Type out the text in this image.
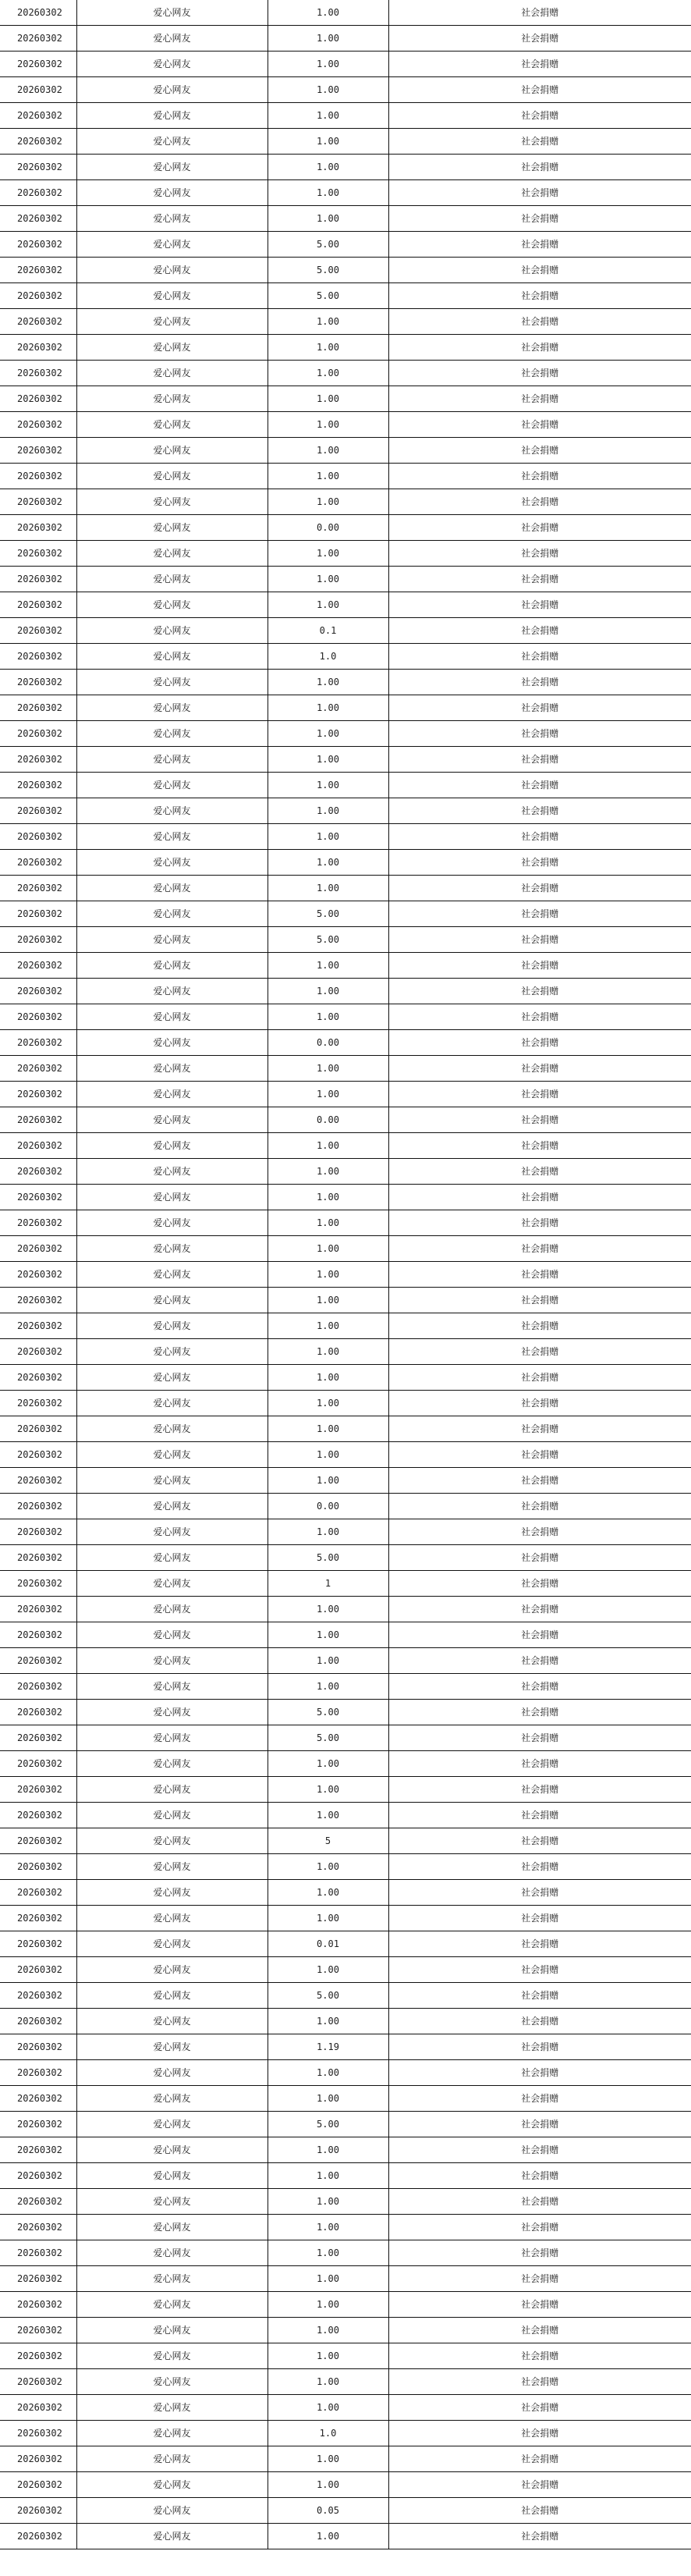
20260302	爱心网友	1.00	社会捐赠
20260302	爱心网友	1.00	社会捐赠
20260302	爱心网友	1.00	社会捐赠
20260302	爱心网友	1.00	社会捐赠
20260302	爱心网友	1.00	社会捐赠
20260302	爱心网友	1.00	社会捐赠
20260302	爱心网友	1.00	社会捐赠
20260302	爱心网友	1.00	社会捐赠
20260302	爱心网友	1.00	社会捐赠
20260302	爱心网友	5.00	社会捐赠
20260302	爱心网友	5.00	社会捐赠
20260302	爱心网友	5.00	社会捐赠
20260302	爱心网友	1.00	社会捐赠
20260302	爱心网友	1.00	社会捐赠
20260302	爱心网友	1.00	社会捐赠
20260302	爱心网友	1.00	社会捐赠
20260302	爱心网友	1.00	社会捐赠
20260302	爱心网友	1.00	社会捐赠
20260302	爱心网友	1.00	社会捐赠
20260302	爱心网友	1.00	社会捐赠
20260302	爱心网友	0.00	社会捐赠
20260302	爱心网友	1.00	社会捐赠
20260302	爱心网友	1.00	社会捐赠
20260302	爱心网友	1.00	社会捐赠
20260302	爱心网友	0.1	社会捐赠
20260302	爱心网友	1.0	社会捐赠
20260302	爱心网友	1.00	社会捐赠
20260302	爱心网友	1.00	社会捐赠
20260302	爱心网友	1.00	社会捐赠
20260302	爱心网友	1.00	社会捐赠
20260302	爱心网友	1.00	社会捐赠
20260302	爱心网友	1.00	社会捐赠
20260302	爱心网友	1.00	社会捐赠
20260302	爱心网友	1.00	社会捐赠
20260302	爱心网友	1.00	社会捐赠
20260302	爱心网友	5.00	社会捐赠
20260302	爱心网友	5.00	社会捐赠
20260302	爱心网友	1.00	社会捐赠
20260302	爱心网友	1.00	社会捐赠
20260302	爱心网友	1.00	社会捐赠
20260302	爱心网友	0.00	社会捐赠
20260302	爱心网友	1.00	社会捐赠
20260302	爱心网友	1.00	社会捐赠
20260302	爱心网友	0.00	社会捐赠
20260302	爱心网友	1.00	社会捐赠
20260302	爱心网友	1.00	社会捐赠
20260302	爱心网友	1.00	社会捐赠
20260302	爱心网友	1.00	社会捐赠
20260302	爱心网友	1.00	社会捐赠
20260302	爱心网友	1.00	社会捐赠
20260302	爱心网友	1.00	社会捐赠
20260302	爱心网友	1.00	社会捐赠
20260302	爱心网友	1.00	社会捐赠
20260302	爱心网友	1.00	社会捐赠
20260302	爱心网友	1.00	社会捐赠
20260302	爱心网友	1.00	社会捐赠
20260302	爱心网友	1.00	社会捐赠
20260302	爱心网友	1.00	社会捐赠
20260302	爱心网友	0.00	社会捐赠
20260302	爱心网友	1.00	社会捐赠
20260302	爱心网友	5.00	社会捐赠
20260302	爱心网友	1	社会捐赠
20260302	爱心网友	1.00	社会捐赠
20260302	爱心网友	1.00	社会捐赠
20260302	爱心网友	1.00	社会捐赠
20260302	爱心网友	1.00	社会捐赠
20260302	爱心网友	5.00	社会捐赠
20260302	爱心网友	5.00	社会捐赠
20260302	爱心网友	1.00	社会捐赠
20260302	爱心网友	1.00	社会捐赠
20260302	爱心网友	1.00	社会捐赠
20260302	爱心网友	5	社会捐赠
20260302	爱心网友	1.00	社会捐赠
20260302	爱心网友	1.00	社会捐赠
20260302	爱心网友	1.00	社会捐赠
20260302	爱心网友	0.01	社会捐赠
20260302	爱心网友	1.00	社会捐赠
20260302	爱心网友	5.00	社会捐赠
20260302	爱心网友	1.00	社会捐赠
20260302	爱心网友	1.19	社会捐赠
20260302	爱心网友	1.00	社会捐赠
20260302	爱心网友	1.00	社会捐赠
20260302	爱心网友	5.00	社会捐赠
20260302	爱心网友	1.00	社会捐赠
20260302	爱心网友	1.00	社会捐赠
20260302	爱心网友	1.00	社会捐赠
20260302	爱心网友	1.00	社会捐赠
20260302	爱心网友	1.00	社会捐赠
20260302	爱心网友	1.00	社会捐赠
20260302	爱心网友	1.00	社会捐赠
20260302	爱心网友	1.00	社会捐赠
20260302	爱心网友	1.00	社会捐赠
20260302	爱心网友	1.00	社会捐赠
20260302	爱心网友	1.00	社会捐赠
20260302	爱心网友	1.0	社会捐赠
20260302	爱心网友	1.00	社会捐赠
20260302	爱心网友	1.00	社会捐赠
20260302	爱心网友	0.05	社会捐赠
20260302	爱心网友	1.00	社会捐赠
